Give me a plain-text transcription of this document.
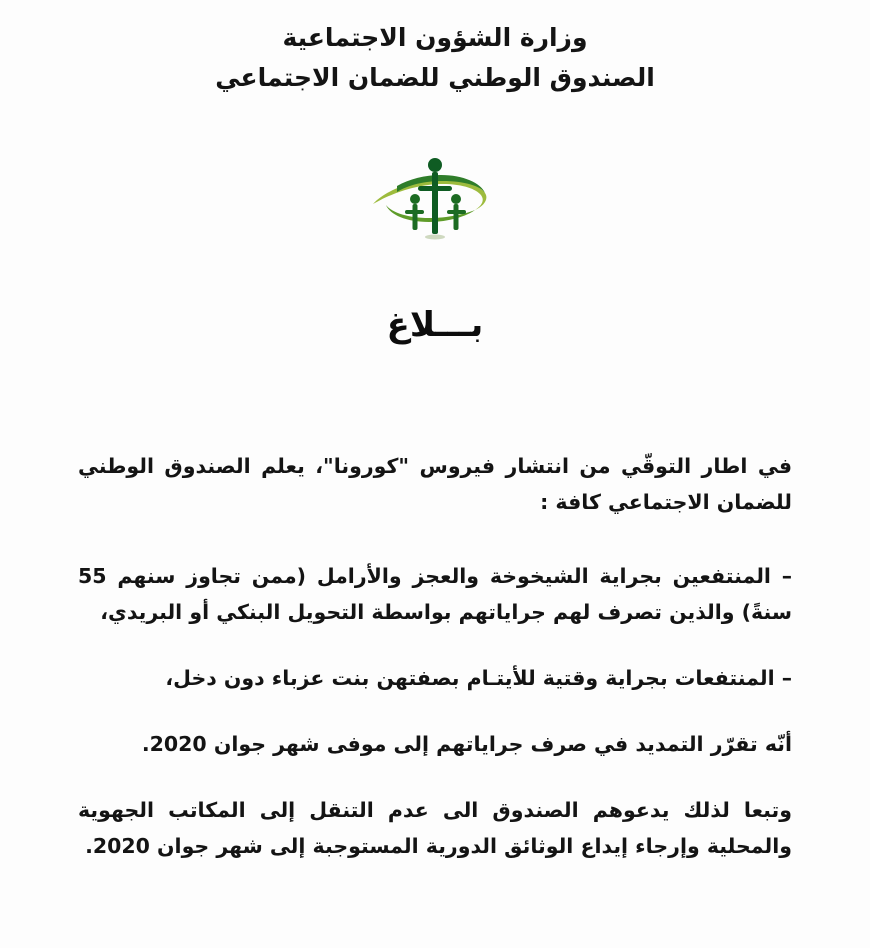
وزارة الشؤون الاجتماعية
الصندوق الوطني للضمان الاجتماعي
بـــلاغ

في اطار التوقّي من انتشار فيروس "كورونا"، يعلم الصندوق الوطني للضمان الاجتماعي كافة :

– المنتفعين بجراية الشيخوخة والعجز والأرامل (ممن تجاوز سنهم 55 سنةً) والذين تصرف لهم جراياتهم بواسطة التحويل البنكي أو البريدي،
– المنتفعات بجراية وقتية للأيتـام بصفتهن بنت عزباء دون دخل،

أنّه تقرّر التمديد في صرف جراياتهم إلى موفى شهر جوان 2020.

وتبعا لذلك يدعوهم الصندوق الى عدم التنقل إلى المكاتب الجهوية والمحلية وإرجاء إيداع الوثائق الدورية المستوجبة إلى شهر جوان 2020.
